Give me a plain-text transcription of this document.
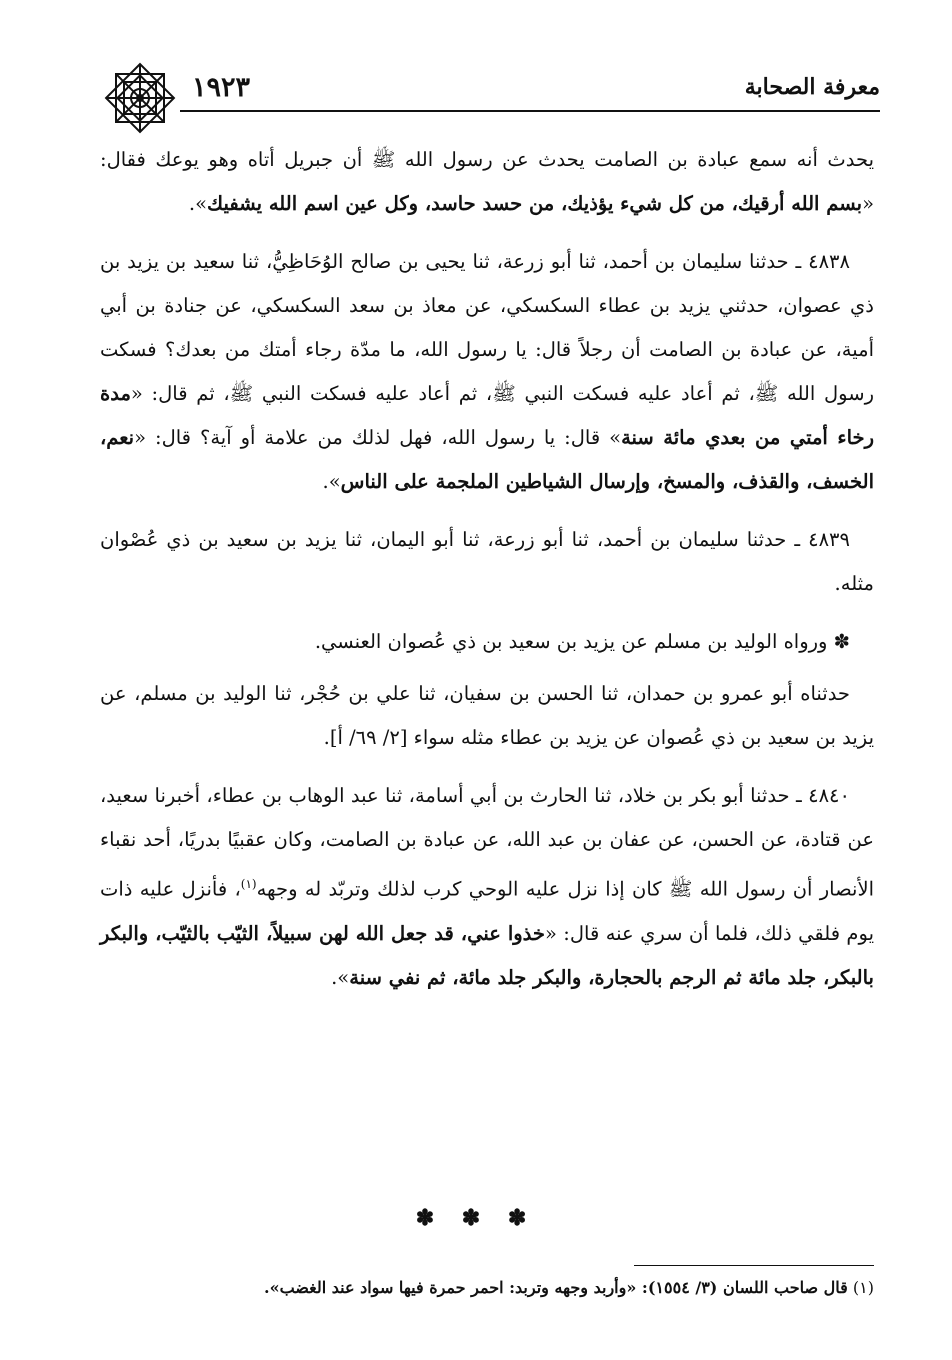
١٩٢٣	معرفة الصحابة

يحدث أنه سمع عبادة بن الصامت يحدث عن رسول الله ﷺ أن جبريل أتاه وهو يوعك فقال: «بسم الله أرقيك، من كل شيء يؤذيك، من حسد حاسد، وكل عين اسم الله يشفيك».

٤٨٣٨ ـ حدثنا سليمان بن أحمد، ثنا أبو زرعة، ثنا يحيى بن صالح الوُحَاظِيُّ، ثنا سعيد بن يزيد بن ذي عصوان، حدثني يزيد بن عطاء السكسكي، عن معاذ بن سعد السكسكي، عن جنادة بن أبي أمية، عن عبادة بن الصامت أن رجلاً قال: يا رسول الله، ما مدّة رجاء أمتك من بعدك؟ فسكت رسول الله ﷺ، ثم أعاد عليه فسكت النبي ﷺ، ثم أعاد عليه فسكت النبي ﷺ، ثم قال: «مدة رخاء أمتي من بعدي مائة سنة» قال: يا رسول الله، فهل لذلك من علامة أو آية؟ قال: «نعم، الخسف، والقذف، والمسخ، وإرسال الشياطين الملجمة على الناس».

٤٨٣٩ ـ حدثنا سليمان بن أحمد، ثنا أبو زرعة، ثنا أبو اليمان، ثنا يزيد بن سعيد بن ذي عُصْوان مثله.

✽ ورواه الوليد بن مسلم عن يزيد بن سعيد بن ذي عُصوان العنسي.

حدثناه أبو عمرو بن حمدان، ثنا الحسن بن سفيان، ثنا علي بن حُجْر، ثنا الوليد بن مسلم، عن يزيد بن سعيد بن ذي عُصوان عن يزيد بن عطاء مثله سواء [٢/ ٦٩/ أ].

٤٨٤٠ ـ حدثنا أبو بكر بن خلاد، ثنا الحارث بن أبي أسامة، ثنا عبد الوهاب بن عطاء، أخبرنا سعيد، عن قتادة، عن الحسن، عن عفان بن عبد الله، عن عبادة بن الصامت، وكان عقبيًا بدريًا، أحد نقباء الأنصار أن رسول الله ﷺ كان إذا نزل عليه الوحي كرب لذلك وتربّد له وجهه$^{(١)}$، فأنزل عليه ذات يوم فلقي ذلك، فلما أن سري عنه قال: «خذوا عني، قد جعل الله لهن سبيلاً، الثيّب بالثيّب، والبكر بالبكر، جلد مائة ثم الرجم بالحجارة، والبكر جلد مائة، ثم نفي سنة».

✽ ✽ ✽
(١) قال صاحب اللسان (٣/ ١٥٥٤): «وأربد وجهه وتربد: احمر حمرة فيها سواد عند الغضب».
